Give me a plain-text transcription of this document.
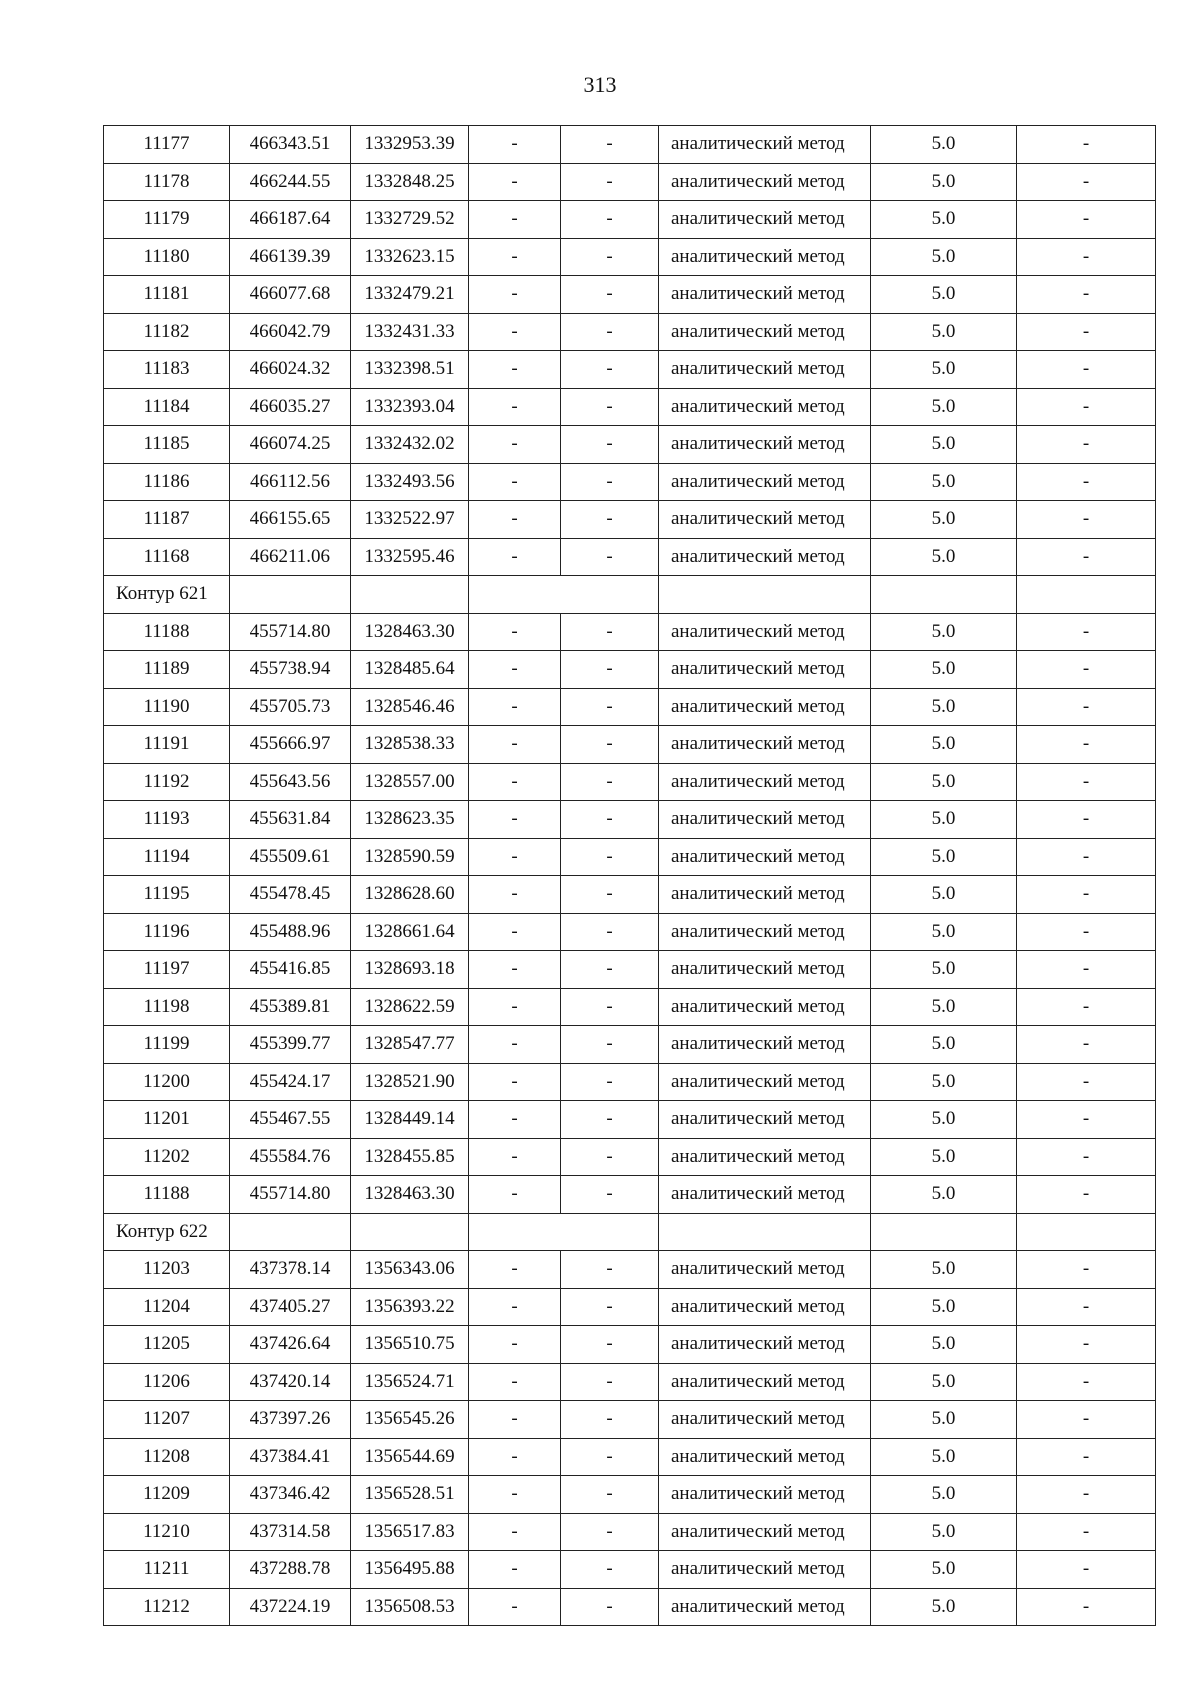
313
11177	466343.51	1332953.39	-	-	аналитический метод	5.0	-
11178	466244.55	1332848.25	-	-	аналитический метод	5.0	-
11179	466187.64	1332729.52	-	-	аналитический метод	5.0	-
11180	466139.39	1332623.15	-	-	аналитический метод	5.0	-
11181	466077.68	1332479.21	-	-	аналитический метод	5.0	-
11182	466042.79	1332431.33	-	-	аналитический метод	5.0	-
11183	466024.32	1332398.51	-	-	аналитический метод	5.0	-
11184	466035.27	1332393.04	-	-	аналитический метод	5.0	-
11185	466074.25	1332432.02	-	-	аналитический метод	5.0	-
11186	466112.56	1332493.56	-	-	аналитический метод	5.0	-
11187	466155.65	1332522.97	-	-	аналитический метод	5.0	-
11168	466211.06	1332595.46	-	-	аналитический метод	5.0	-
Контур 621							
11188	455714.80	1328463.30	-	-	аналитический метод	5.0	-
11189	455738.94	1328485.64	-	-	аналитический метод	5.0	-
11190	455705.73	1328546.46	-	-	аналитический метод	5.0	-
11191	455666.97	1328538.33	-	-	аналитический метод	5.0	-
11192	455643.56	1328557.00	-	-	аналитический метод	5.0	-
11193	455631.84	1328623.35	-	-	аналитический метод	5.0	-
11194	455509.61	1328590.59	-	-	аналитический метод	5.0	-
11195	455478.45	1328628.60	-	-	аналитический метод	5.0	-
11196	455488.96	1328661.64	-	-	аналитический метод	5.0	-
11197	455416.85	1328693.18	-	-	аналитический метод	5.0	-
11198	455389.81	1328622.59	-	-	аналитический метод	5.0	-
11199	455399.77	1328547.77	-	-	аналитический метод	5.0	-
11200	455424.17	1328521.90	-	-	аналитический метод	5.0	-
11201	455467.55	1328449.14	-	-	аналитический метод	5.0	-
11202	455584.76	1328455.85	-	-	аналитический метод	5.0	-
11188	455714.80	1328463.30	-	-	аналитический метод	5.0	-
Контур 622							
11203	437378.14	1356343.06	-	-	аналитический метод	5.0	-
11204	437405.27	1356393.22	-	-	аналитический метод	5.0	-
11205	437426.64	1356510.75	-	-	аналитический метод	5.0	-
11206	437420.14	1356524.71	-	-	аналитический метод	5.0	-
11207	437397.26	1356545.26	-	-	аналитический метод	5.0	-
11208	437384.41	1356544.69	-	-	аналитический метод	5.0	-
11209	437346.42	1356528.51	-	-	аналитический метод	5.0	-
11210	437314.58	1356517.83	-	-	аналитический метод	5.0	-
11211	437288.78	1356495.88	-	-	аналитический метод	5.0	-
11212	437224.19	1356508.53	-	-	аналитический метод	5.0	-
